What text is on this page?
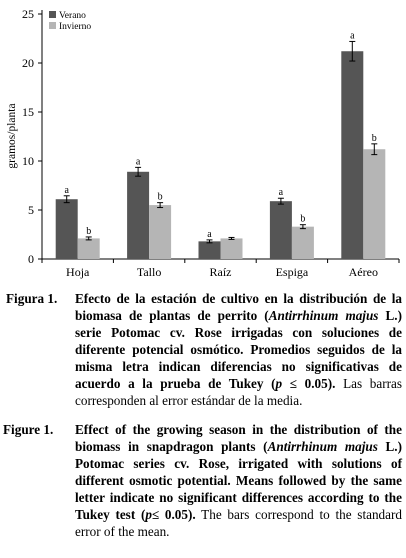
0
5
10
15
20
25
gramos/planta
a
b
Hoja
a
b
Tallo
a
Raíz
a
b
Espiga
a
b
Aéreo
Verano
Invierno
Figura 1. Efecto de la estación de cultivo en la distribución de la biomasa de plantas de perrito (Antirrhinum majus L.) serie Potomac cv. Rose irrigadas con soluciones de diferente potencial osmótico. Promedios seguidos de la misma letra indican diferencias no significativas de acuerdo a la prueba de Tukey (p ≤ 0.05). Las barras corresponden al error estándar de la media.
Figure 1. Effect of the growing season in the distribution of the biomass in snapdragon plants (Antirrhinum majus L.) Potomac series cv. Rose, irrigated with solutions of different osmotic potential. Means followed by the same letter indicate no significant differences according to the Tukey test (p≤ 0.05). The bars correspond to the standard error of the mean.
